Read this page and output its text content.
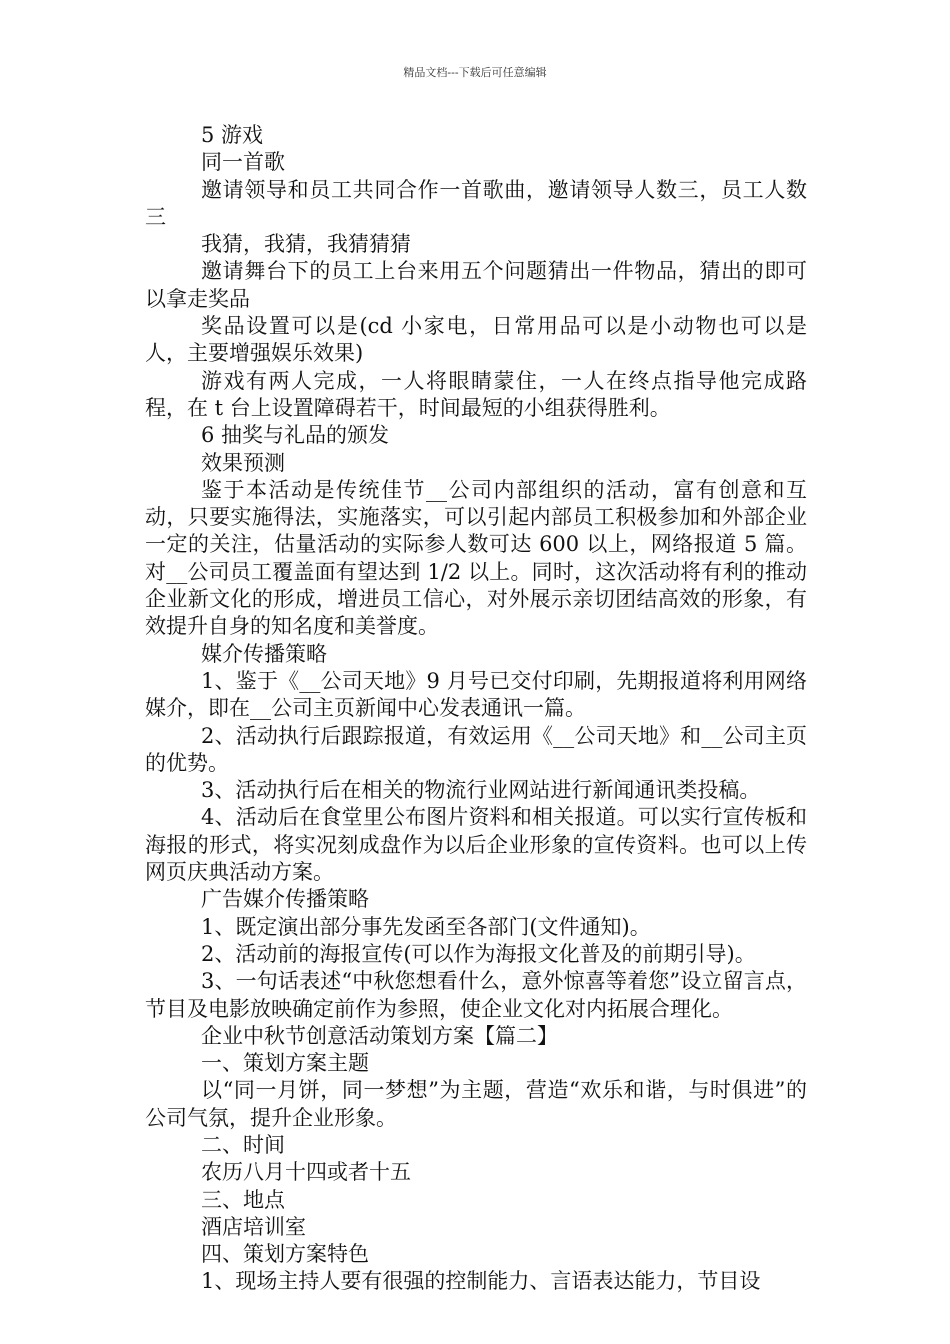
精品文档---下载后可任意编辑

5 游戏

同一首歌

邀请领导和员工共同合作一首歌曲，邀请领导人数三，员工人数三

我猜，我猜，我猜猜猜

邀请舞台下的员工上台来用五个问题猜出一件物品，猜出的即可以拿走奖品

奖品设置可以是(cd 小家电，日常用品可以是小动物也可以是人，主要增强娱乐效果)

游戏有两人完成，一人将眼睛蒙住，一人在终点指导他完成路程，在 t 台上设置障碍若干，时间最短的小组获得胜利。

6 抽奖与礼品的颁发

效果预测

鉴于本活动是传统佳节__公司内部组织的活动，富有创意和互动，只要实施得法，实施落实，可以引起内部员工积极参加和外部企业一定的关注，估量活动的实际参人数可达 600 以上，网络报道 5 篇。对__公司员工覆盖面有望达到 1/2 以上。同时，这次活动将有利的推动企业新文化的形成，增进员工信心，对外展示亲切团结高效的形象，有效提升自身的知名度和美誉度。

媒介传播策略

1、鉴于《__公司天地》9 月号已交付印刷，先期报道将利用网络媒介，即在__公司主页新闻中心发表通讯一篇。

2、活动执行后跟踪报道，有效运用《__公司天地》和__公司主页的优势。

3、活动执行后在相关的物流行业网站进行新闻通讯类投稿。

4、活动后在食堂里公布图片资料和相关报道。可以实行宣传板和海报的形式，将实况刻成盘作为以后企业形象的宣传资料。也可以上传网页庆典活动方案。

广告媒介传播策略

1、既定演出部分事先发函至各部门(文件通知)。

2、活动前的海报宣传(可以作为海报文化普及的前期引导)。

3、一句话表述“中秋您想看什么，意外惊喜等着您”设立留言点，节目及电影放映确定前作为参照，使企业文化对内拓展合理化。

企业中秋节创意活动策划方案【篇二】

一、策划方案主题

以“同一月饼，同一梦想”为主题，营造“欢乐和谐，与时俱进”的公司气氛，提升企业形象。

二、时间

农历八月十四或者十五

三、地点

酒店培训室

四、策划方案特色

1、现场主持人要有很强的控制能力、言语表达能力，节目设
